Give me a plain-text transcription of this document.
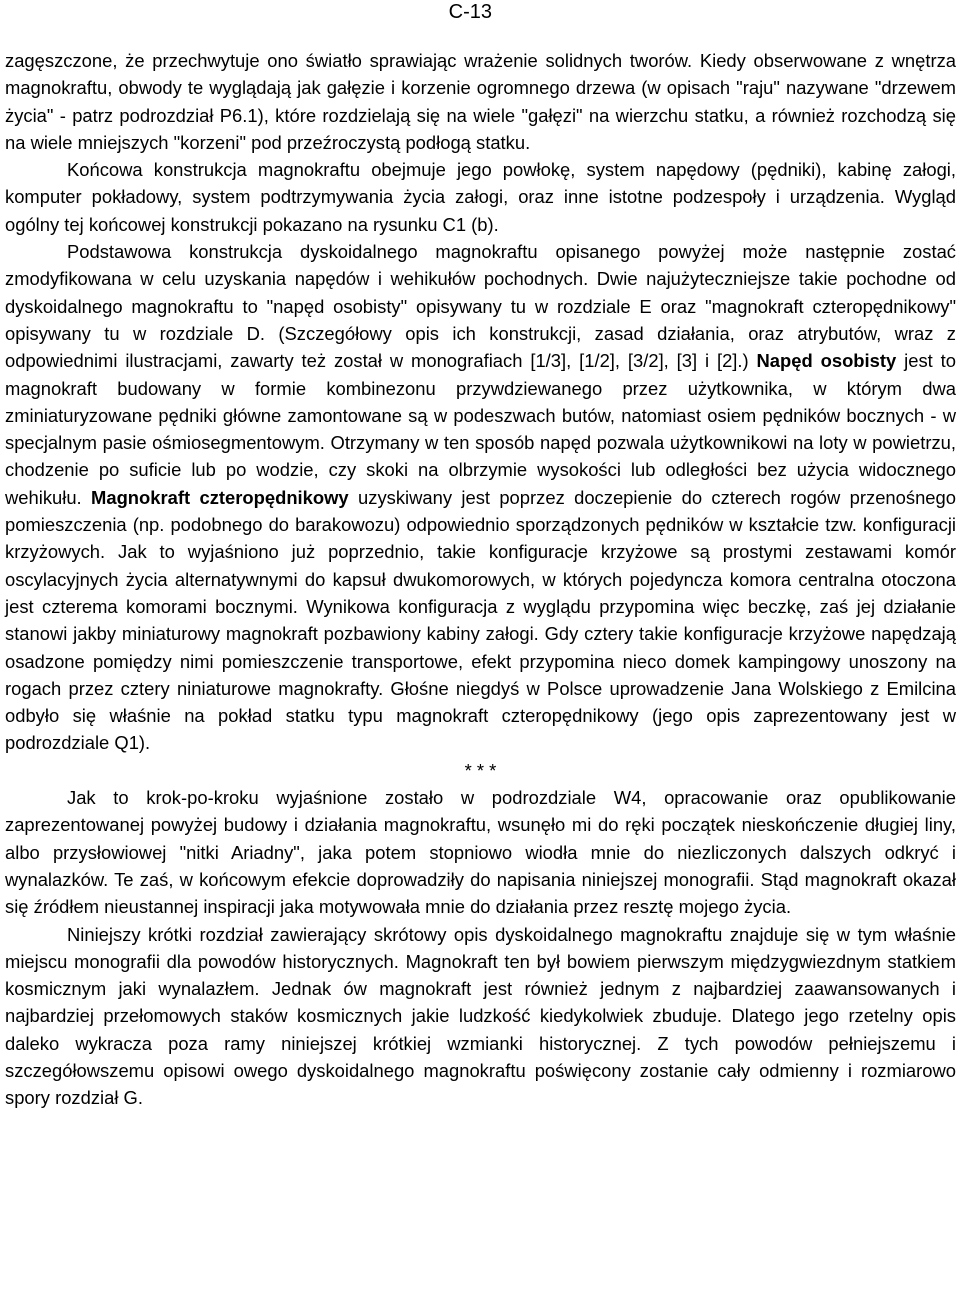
C-13

zagęszczone, że przechwytuje ono światło sprawiając wrażenie solidnych tworów. Kiedy obserwowane z wnętrza magnokraftu, obwody te wyglądają jak gałęzie i korzenie ogromnego drzewa (w opisach "raju" nazywane "drzewem życia" - patrz podrozdział P6.1), które rozdzielają się na wiele "gałęzi" na wierzchu statku, a również rozchodzą się na wiele mniejszych "korzeni" pod przeźroczystą podłogą statku.

Końcowa konstrukcja magnokraftu obejmuje jego powłokę, system napędowy (pędniki), kabinę załogi, komputer pokładowy, system podtrzymywania życia załogi, oraz inne istotne podzespoły i urządzenia. Wygląd ogólny tej końcowej konstrukcji pokazano na rysunku C1 (b).

Podstawowa konstrukcja dyskoidalnego magnokraftu opisanego powyżej może następnie zostać zmodyfikowana w celu uzyskania napędów i wehikułów pochodnych. Dwie najużyteczniejsze takie pochodne od dyskoidalnego magnokraftu to "napęd osobisty" opisywany tu w rozdziale E oraz "magnokraft czteropędnikowy" opisywany tu w rozdziale D. (Szczegółowy opis ich konstrukcji, zasad działania, oraz atrybutów, wraz z odpowiednimi ilustracjami, zawarty też został w monografiach [1/3], [1/2], [3/2], [3] i [2].) Napęd osobisty jest to magnokraft budowany w formie kombinezonu przywdziewanego przez użytkownika, w którym dwa zminiaturyzowane pędniki główne zamontowane są w podeszwach butów, natomiast osiem pędników bocznych - w specjalnym pasie ośmiosegmentowym. Otrzymany w ten sposób napęd pozwala użytkownikowi na loty w powietrzu, chodzenie po suficie lub po wodzie, czy skoki na olbrzymie wysokości lub odległości bez użycia widocznego wehikułu. Magnokraft czteropędnikowy uzyskiwany jest poprzez doczepienie do czterech rogów przenośnego pomieszczenia (np. podobnego do barakowozu) odpowiednio sporządzonych pędników w kształcie tzw. konfiguracji krzyżowych. Jak to wyjaśniono już poprzednio, takie konfiguracje krzyżowe są prostymi zestawami komór oscylacyjnych życia alternatywnymi do kapsuł dwukomorowych, w których pojedyncza komora centralna otoczona jest czterema komorami bocznymi. Wynikowa konfiguracja z wyglądu przypomina więc beczkę, zaś jej działanie stanowi jakby miniaturowy magnokraft pozbawiony kabiny załogi. Gdy cztery takie konfiguracje krzyżowe napędzają osadzone pomiędzy nimi pomieszczenie transportowe, efekt przypomina nieco domek kampingowy unoszony na rogach przez cztery niniaturowe magnokrafty. Głośne niegdyś w Polsce uprowadzenie Jana Wolskiego z Emilcina odbyło się właśnie na pokład statku typu magnokraft czteropędnikowy (jego opis zaprezentowany jest w podrozdziale Q1).

* * *

Jak to krok-po-kroku wyjaśnione zostało w podrozdziale W4, opracowanie oraz opublikowanie zaprezentowanej powyżej budowy i działania magnokraftu, wsunęło mi do ręki początek nieskończenie długiej liny, albo przysłowiowej "nitki Ariadny", jaka potem stopniowo wiodła mnie do niezliczonych dalszych odkryć i wynalazków. Te zaś, w końcowym efekcie doprowadziły do napisania niniejszej monografii. Stąd magnokraft okazał się źródłem nieustannej inspiracji jaka motywowała mnie do działania przez resztę mojego życia.

Niniejszy krótki rozdział zawierający skrótowy opis dyskoidalnego magnokraftu znajduje się w tym właśnie miejscu monografii dla powodów historycznych. Magnokraft ten był bowiem pierwszym międzygwiezdnym statkiem kosmicznym jaki wynalazłem. Jednak ów magnokraft jest również jednym z najbardziej zaawansowanych i najbardziej przełomowych staków kosmicznych jakie ludzkość kiedykolwiek zbuduje. Dlatego jego rzetelny opis daleko wykracza poza ramy niniejszej krótkiej wzmianki historycznej. Z tych powodów pełniejszemu i szczegółowszemu opisowi owego dyskoidalnego magnokraftu poświęcony zostanie cały odmienny i rozmiarowo spory rozdział G.
